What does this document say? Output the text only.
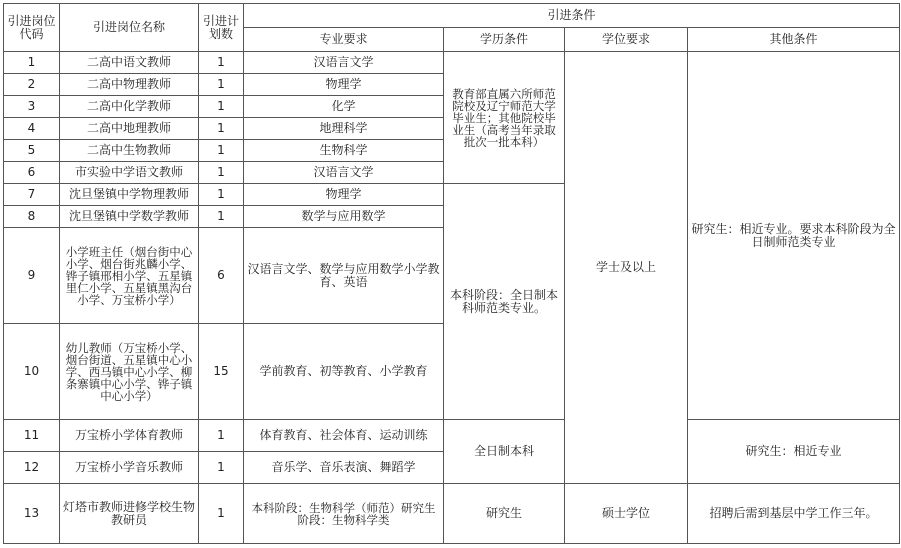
引进岗位代码	引进岗位名称	引进计划数	引进条件			
			专业要求	学历条件	学位要求	其他条件
1	二高中语文教师	1	汉语言文学	教育部直属六所师范院校及辽宁师范大学毕业生；其他院校毕业生（高考当年录取批次一批本科）	学士及以上	研究生：相近专业。要求本科阶段为全日制师范类专业
2	二高中物理教师	1	物理学			
3	二高中化学教师	1	化学			
4	二高中地理教师	1	地理科学			
5	二高中生物教师	1	生物科学			
6	市实验中学语文教师	1	汉语言文学			
7	沈旦堡镇中学物理教师	1	物理学	本科阶段：全日制本科师范类专业。		
8	沈旦堡镇中学数学教师	1	数学与应用数学			
9	小学班主任（烟台街中心小学、烟台街兆麟小学、铧子镇邢相小学、五星镇里仁小学、五星镇黑沟台小学、万宝桥小学）	6	汉语言文学、数学与应用数学小学教育、英语			
10	幼儿教师（万宝桥小学、烟台街道、五星镇中心小学、西马镇中心小学、柳条寨镇中心小学、铧子镇中心小学）	15	学前教育、初等教育、小学教育			
11	万宝桥小学体育教师	1	体育教育、社会体育、运动训练	全日制本科		研究生：相近专业
12	万宝桥小学音乐教师	1	音乐学、音乐表演、舞蹈学			
13	灯塔市教师进修学校生物教研员	1	本科阶段：生物科学（师范）研究生阶段：生物科学类	研究生	硕士学位	招聘后需到基层中学工作三年。
